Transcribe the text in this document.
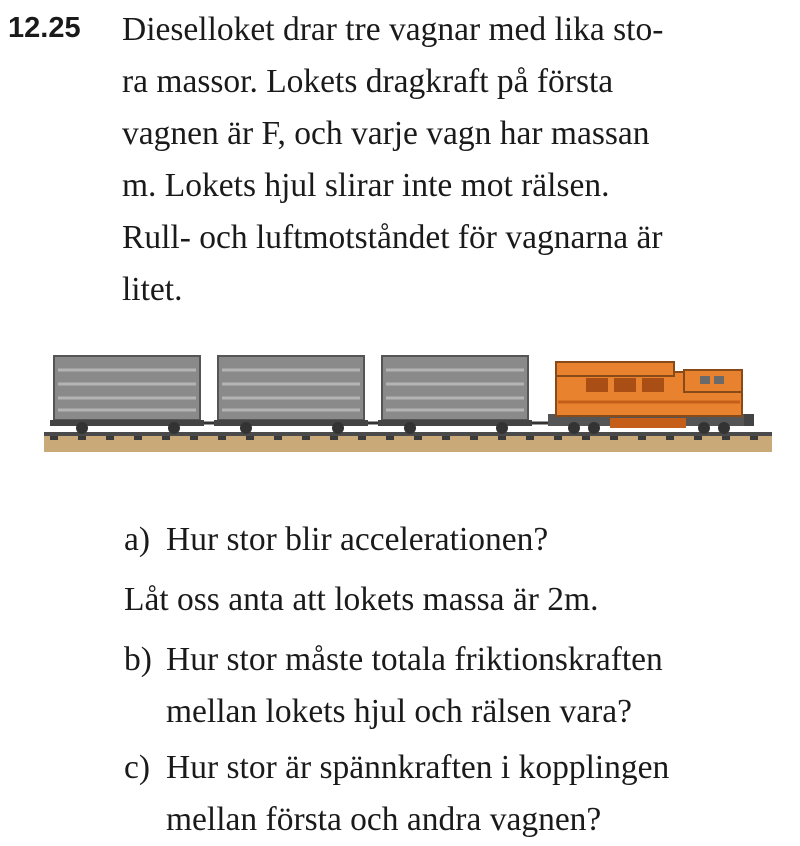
12.25 Dieselloket drar tre vagnar med lika sto-
ra massor. Lokets dragkraft på första
vagnen är F, och varje vagn har massan
m. Lokets hjul slirar inte mot rälsen.
Rull- och luftmotståndet för vagnarna är
litet.
a) Hur stor blir accelerationen?
Låt oss anta att lokets massa är 2m.
b) Hur stor måste totala friktionskraften
mellan lokets hjul och rälsen vara?
c) Hur stor är spännkraften i kopplingen
mellan första och andra vagnen?
